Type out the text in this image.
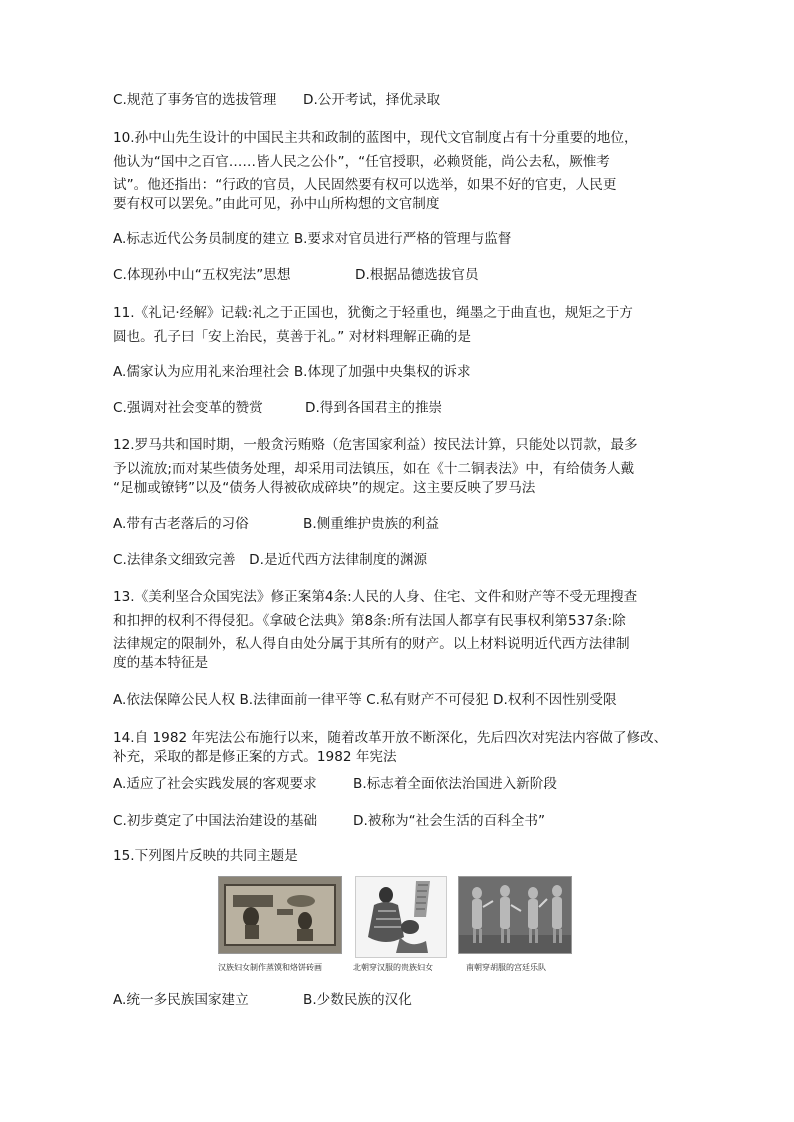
C.规范了事务官的选拔管理 D.公开考试，择优录取
10.孙中山先生设计的中国民主共和政制的蓝图中，现代文官制度占有十分重要的地位，
他认为“国中之百官……皆人民之公仆”，“任官授职，必赖贤能，尚公去私，厥惟考
试”。他还指出：“行政的官员，人民固然要有权可以选举，如果不好的官吏，人民更
要有权可以罢免。”由此可见，孙中山所构想的文官制度
A.标志近代公务员制度的建立 B.要求对官员进行严格的管理与监督
C.体现孙中山“五权宪法”思想	D.根据品德选拔官员
11.《礼记·经解》记载:礼之于正国也，犹衡之于轻重也，绳墨之于曲直也，规矩之于方
圆也。孔子曰「安上治民，莫善于礼。” 对材料理解正确的是
A.儒家认为应用礼来治理社会 B.体现了加强中央集权的诉求
C.强调对社会变革的赞赏	D.得到各国君主的推崇
12.罗马共和国时期，一般贪污贿赂（危害国家利益）按民法计算，只能处以罚款，最多
予以流放;而对某些债务处理，却采用司法镇压，如在《十二铜表法》中，有给债务人戴
“足枷或镣铐”以及“债务人得被砍成碎块”的规定。这主要反映了罗马法
A.带有古老落后的习俗	B.侧重维护贵族的利益
C.法律条文细致完善　D.是近代西方法律制度的渊源
13.《美利坚合众国宪法》修正案第4条:人民的人身、住宅、文件和财产等不受无理搜查
和扣押的权利不得侵犯。《拿破仑法典》第8条:所有法国人都享有民事权利第537条:除
法律规定的限制外，私人得自由处分属于其所有的财产。以上材料说明近代西方法律制
度的基本特征是
A.依法保障公民人权 B.法律面前一律平等 C.私有财产不可侵犯 D.权利不因性别受限
14.自 1982 年宪法公布施行以来，随着改革开放不断深化，先后四次对宪法内容做了修改、
补充，采取的都是修正案的方式。1982 年宪法
A.适应了社会实践发展的客观要求	B.标志着全面依法治国进入新阶段
C.初步奠定了中国法治建设的基础	D.被称为“社会生活的百科全书”
15.下列图片反映的共同主题是
汉族妇女制作蒸馍和烙饼砖画	北朝穿汉服的贵族妇女	南朝穿胡服的宫廷乐队
A.统一多民族国家建立	B.少数民族的汉化
